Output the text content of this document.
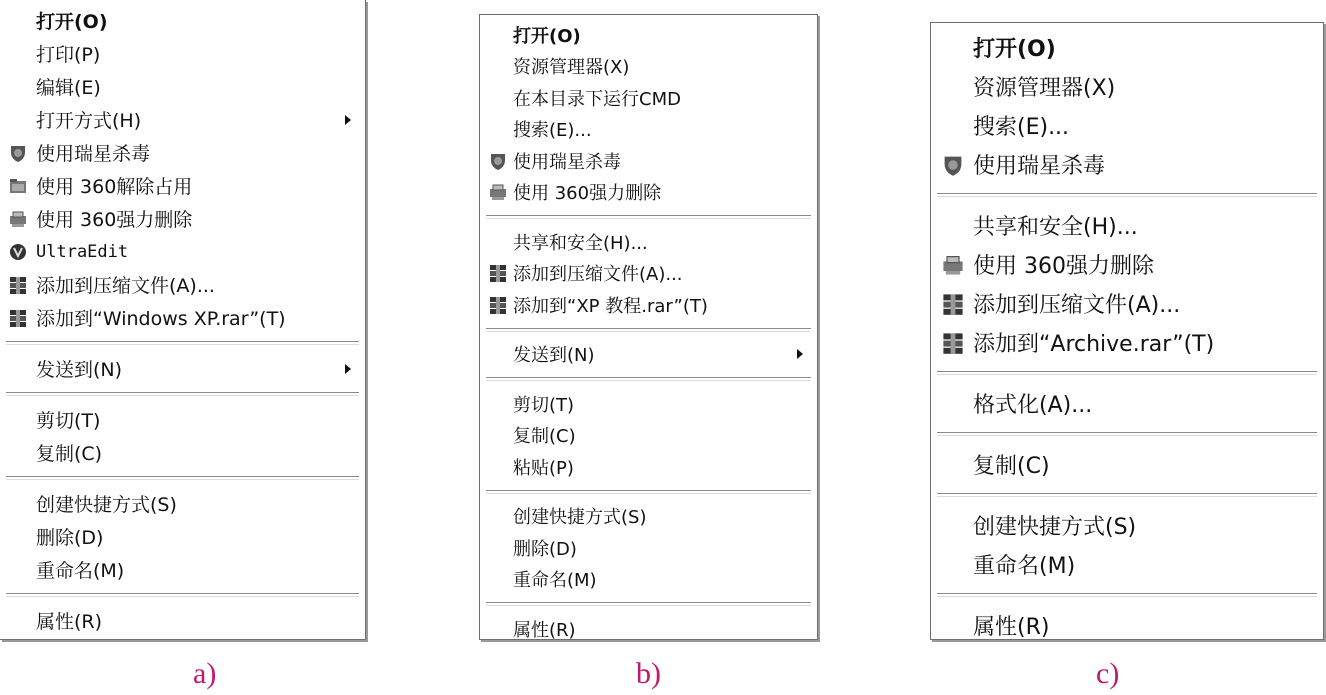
打开(O)
打印(P)
编辑(E)
打开方式(H)
使用瑞星杀毒
使用 360解除占用
使用 360强力删除
UltraEdit
添加到压缩文件(A)...
添加到“Windows XP.rar”(T)
发送到(N)
剪切(T)
复制(C)
创建快捷方式(S)
删除(D)
重命名(M)
属性(R)
打开(O)
资源管理器(X)
在本目录下运行CMD
搜索(E)...
使用瑞星杀毒
使用 360强力删除
共享和安全(H)...
添加到压缩文件(A)...
添加到“XP 教程.rar”(T)
发送到(N)
剪切(T)
复制(C)
粘贴(P)
创建快捷方式(S)
删除(D)
重命名(M)
属性(R)
打开(O)
资源管理器(X)
搜索(E)...
使用瑞星杀毒
共享和安全(H)...
使用 360强力删除
添加到压缩文件(A)...
添加到“Archive.rar”(T)
格式化(A)...
复制(C)
创建快捷方式(S)
重命名(M)
属性(R)
a)	b)	c)
